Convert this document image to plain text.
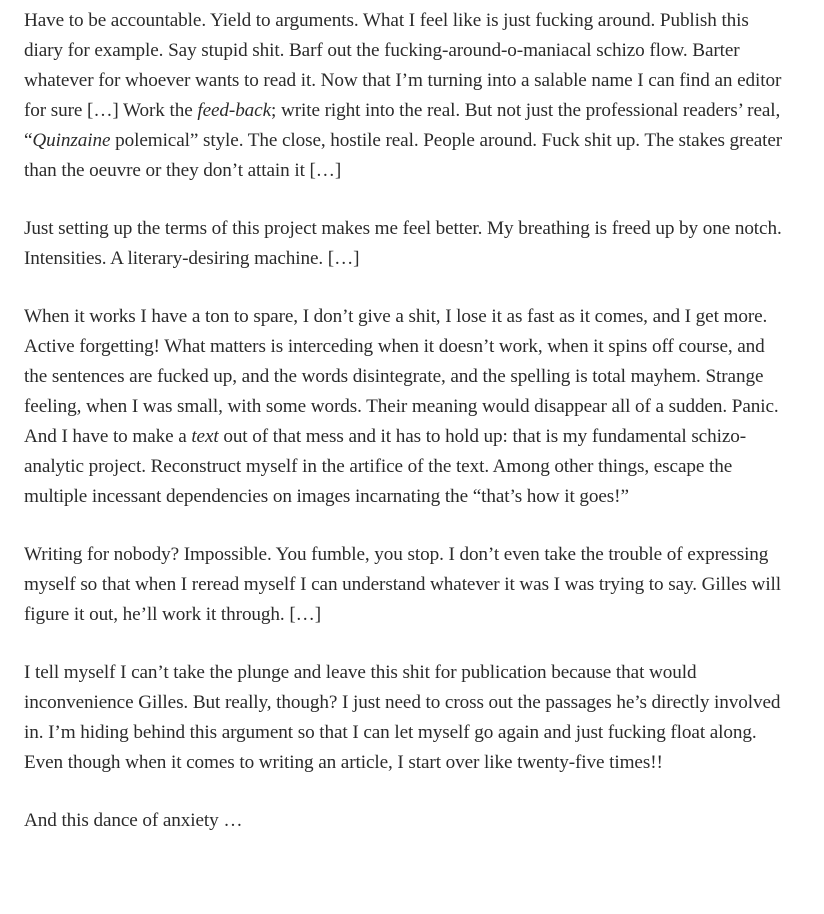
Have to be accountable. Yield to arguments. What I feel like is just fucking around. Publish this diary for example. Say stupid shit. Barf out the fucking-around-o-maniacal schizo flow. Barter whatever for whoever wants to read it. Now that I’m turning into a salable name I can find an editor for sure […] Work the feed-back; write right into the real. But not just the professional readers’ real, “Quinzaine polemical” style. The close, hostile real. People around. Fuck shit up. The stakes greater than the oeuvre or they don’t attain it […]

Just setting up the terms of this project makes me feel better. My breathing is freed up by one notch. Intensities. A literary-desiring machine. […]

When it works I have a ton to spare, I don’t give a shit, I lose it as fast as it comes, and I get more. Active forgetting! What matters is interceding when it doesn’t work, when it spins off course, and the sentences are fucked up, and the words disintegrate, and the spelling is total mayhem. Strange feeling, when I was small, with some words. Their meaning would disappear all of a sudden. Panic. And I have to make a text out of that mess and it has to hold up: that is my fundamental schizo-analytic project. Reconstruct myself in the artifice of the text. Among other things, escape the multiple incessant dependencies on images incarnating the “that’s how it goes!”

Writing for nobody? Impossible. You fumble, you stop. I don’t even take the trouble of expressing myself so that when I reread myself I can understand whatever it was I was trying to say. Gilles will figure it out, he’ll work it through. […]

I tell myself I can’t take the plunge and leave this shit for publication because that would inconvenience Gilles. But really, though? I just need to cross out the passages he’s directly involved in. I’m hiding behind this argument so that I can let myself go again and just fucking float along. Even though when it comes to writing an article, I start over like twenty-five times!!

And this dance of anxiety …
